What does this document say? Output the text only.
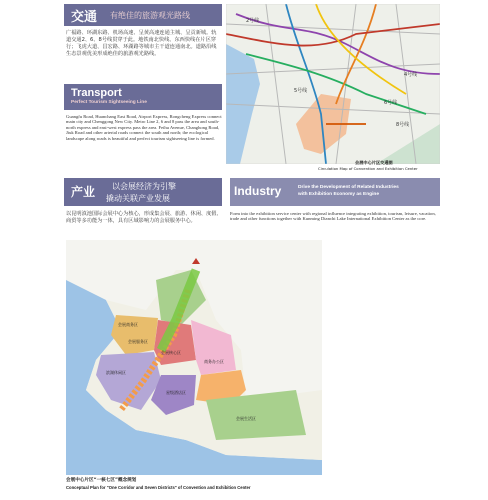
交通 有绝佳的旅游观光路线
广福路、环湖东路、机场高速、呈黄高速连通主城、呈贡新城。轨道交通2、6、8号线贯穿于此。地铁南北快线、东西快线在片区穿行；飞虎大道、昌宏路、环湖路等城市主干道连通南北。道路沿线生态景观优美形成绝佳的旅游观光路线。
Transport
Perfect Tourism Sightseeing Line
Guangfu Road, Huanchang East Road, Airport Express, Rongcheng Express connect main city and Chenggong New City. Metro Line 2, 6 and 8 pass the area and south-north express and east-west express pass the area. Feihu Avenue, Changhong Road, Jiuk Road and other arterial roads connect the south and north; the ecological landscape along roads is beautiful and perfect tourism sightseeing line is formed.
2号线
4号线
5号线
6号线
8号线
会展中心片区交通图
Circulation Map of Convention and Exhibition Center
产业 以会展经济为引擎
撬动关联产业发展
Industry	Drive the Development of Related Industries
with Exhibition Economy as Engine
以昆明滇池国际会展中心为核心，形成集会展、旅游、休闲、度假、商贸等多功能为一体，具有区域影响力的会展服务中心。
Form into the exhibition service center with regional influence integrating exhibition, tourism, leisure, vacation, trade and other functions together with Kunming Dianchi Lake International Exhibition Center as the core.
会展商务区
会展服务区
会展核心区
商务办公区
滨湖休闲区
星级酒店区
会展生活区
会展中心片区“一核七区”概念规划
Conceptual Plan for "One Corridor and Seven Districts" of Convention and Exhibition Center
